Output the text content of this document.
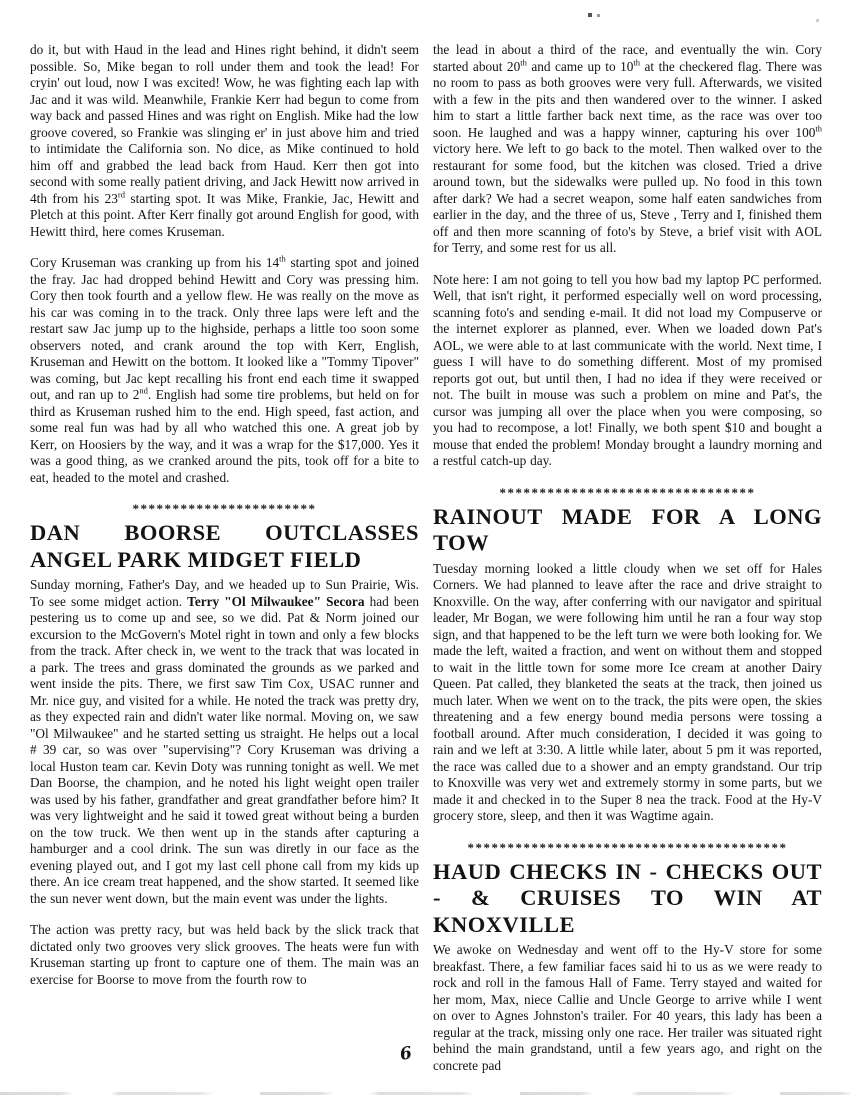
do it, but with Haud in the lead and Hines right behind, it didn't seem possible. So, Mike began to roll under them and took the lead! For cryin' out loud, now I was excited! Wow, he was fighting each lap with Jac and it was wild. Meanwhile, Frankie Kerr had begun to come from way back and passed Hines and was right on English. Mike had the low groove covered, so Frankie was slinging er' in just above him and tried to intimidate the California son. No dice, as Mike continued to hold him off and grabbed the lead back from Haud. Kerr then got into second with some really patient driving, and Jack Hewitt now arrived in 4th from his 23rd starting spot. It was Mike, Frankie, Jac, Hewitt and Pletch at this point. After Kerr finally got around English for good, with Hewitt third, here comes Kruseman.

Cory Kruseman was cranking up from his 14th starting spot and joined the fray. Jac had dropped behind Hewitt and Cory was pressing him. Cory then took fourth and a yellow flew. He was really on the move as his car was coming in to the track. Only three laps were left and the restart saw Jac jump up to the highside, perhaps a little too soon some observers noted, and crank around the top with Kerr, English, Kruseman and Hewitt on the bottom. It looked like a "Tommy Tipover" was coming, but Jac kept recalling his front end each time it swapped out, and ran up to 2nd. English had some tire problems, but held on for third as Kruseman rushed him to the end. High speed, fast action, and some real fun was had by all who watched this one. A great job by Kerr, on Hoosiers by the way, and it was a wrap for the $17,000. Yes it was a good thing, as we cranked around the pits, took off for a bite to eat, headed to the motel and crashed.

***********************
DAN BOORSE OUTCLASSES ANGEL PARK MIDGET FIELD

Sunday morning, Father's Day, and we headed up to Sun Prairie, Wis. To see some midget action. Terry "Ol Milwaukee" Secora had been pestering us to come up and see, so we did. Pat & Norm joined our excursion to the McGovern's Motel right in town and only a few blocks from the track. After check in, we went to the track that was located in a park. The trees and grass dominated the grounds as we parked and went inside the pits. There, we first saw Tim Cox, USAC runner and Mr. nice guy, and visited for a while. He noted the track was pretty dry, as they expected rain and didn't water like normal. Moving on, we saw "Ol Milwaukee" and he started setting us straight. He helps out a local # 39 car, so was over "supervising"? Cory Kruseman was driving a local Huston team car. Kevin Doty was running tonight as well. We met Dan Boorse, the champion, and he noted his light weight open trailer was used by his father, grandfather and great grandfather before him? It was very lightweight and he said it towed great without being a burden on the tow truck. We then went up in the stands after capturing a hamburger and a cool drink. The sun was diretly in our face as the evening played out, and I got my last cell phone call from my kids up there. An ice cream treat happened, and the show started. It seemed like the sun never went down, but the main event was under the lights.

The action was pretty racy, but was held back by the slick track that dictated only two grooves very slick grooves. The heats were fun with Kruseman starting up front to capture one of them. The main was an exercise for Boorse to move from the fourth row to

the lead in about a third of the race, and eventually the win. Cory started about 20th and came up to 10th at the checkered flag. There was no room to pass as both grooves were very full. Afterwards, we visited with a few in the pits and then wandered over to the winner. I asked him to start a little farther back next time, as the race was over too soon. He laughed and was a happy winner, capturing his over 100th victory here. We left to go back to the motel. Then walked over to the restaurant for some food, but the kitchen was closed. Tried a drive around town, but the sidewalks were pulled up. No food in this town after dark? We had a secret weapon, some half eaten sandwiches from earlier in the day, and the three of us, Steve , Terry and I, finished them off and then more scanning of foto's by Steve, a brief visit with AOL for Terry, and some rest for us all.

Note here: I am not going to tell you how bad my laptop PC performed. Well, that isn't right, it performed especially well on word processing, scanning foto's and sending e-mail. It did not load my Compuserve or the internet explorer as planned, ever. When we loaded down Pat's AOL, we were able to at last communicate with the world. Next time, I guess I will have to do something different. Most of my promised reports got out, but until then, I had no idea if they were received or not. The built in mouse was such a problem on mine and Pat's, the cursor was jumping all over the place when you were composing, so you had to recompose, a lot! Finally, we both spent $10 and bought a mouse that ended the problem! Monday brought a laundry morning and a restful catch-up day.

********************************
RAINOUT MADE FOR A LONG TOW

Tuesday morning looked a little cloudy when we set off for Hales Corners. We had planned to leave after the race and drive straight to Knoxville. On the way, after conferring with our navigator and spiritual leader, Mr Bogan, we were following him until he ran a four way stop sign, and that happened to be the left turn we were both looking for. We made the left, waited a fraction, and went on without them and stopped to wait in the little town for some more Ice cream at another Dairy Queen. Pat called, they blanketed the seats at the track, then joined us much later. When we went on to the track, the pits were open, the skies threatening and a few energy bound media persons were tossing a football around. After much consideration, I decided it was going to rain and we left at 3:30. A little while later, about 5 pm it was reported, the race was called due to a shower and an empty grandstand. Our trip to Knoxville was very wet and extremely stormy in some parts, but we made it and checked in to the Super 8 nea the track. Food at the Hy-V grocery store, sleep, and then it was Wagtime again.

****************************************
HAUD CHECKS IN - CHECKS OUT - & CRUISES TO WIN AT KNOXVILLE

We awoke on Wednesday and went off to the Hy-V store for some breakfast. There, a few familiar faces said hi to us as we were ready to rock and roll in the famous Hall of Fame. Terry stayed and waited for her mom, Max, niece Callie and Uncle George to arrive while I went on over to Agnes Johnston's trailer. For 40 years, this lady has been a regular at the track, missing only one race. Her trailer was situated right behind the main grandstand, until a few years ago, and right on the concrete pad

6
